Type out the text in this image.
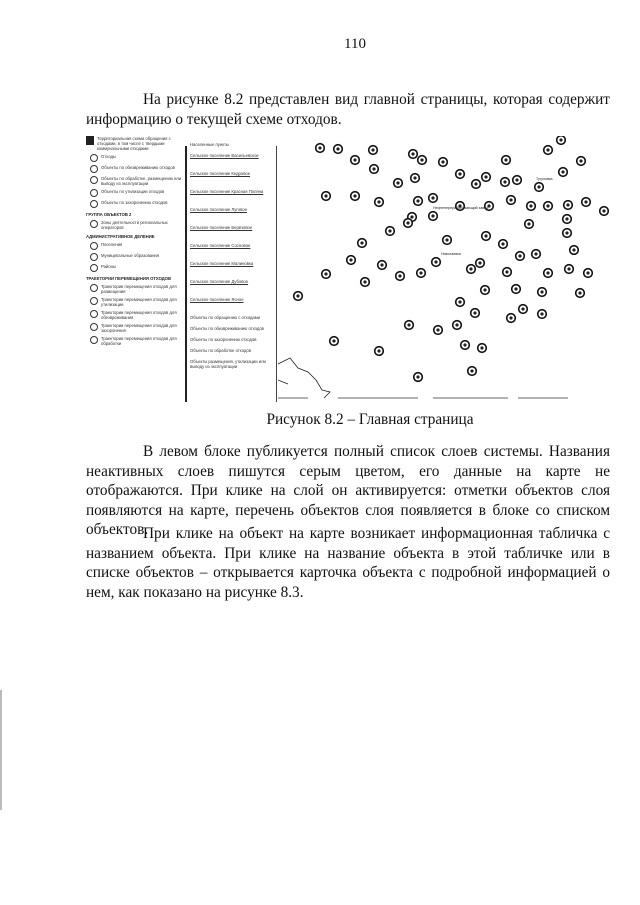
110
На рисунке 8.2 представлен вид главной страницы, которая содержит информацию о текущей схеме отходов.
Территориальная схема обращения с отходами, в том числе с твердыми коммунальными отходами
Отходы
Объекты по обезвреживанию отходов
Объекты по обработке, размещению или выводу из эксплуатации
Объекты по утилизации отходов
Объекты по захоронению отходов
ГРУППА ОБЪЕКТОВ 2
Зоны деятельности региональных операторов
АДМИНИСТРАТИВНОЕ ДЕЛЕНИЕ
Поселения
Муниципальные образования
Районы
ТРАЕКТОРИИ ПЕРЕМЕЩЕНИЯ ОТХОДОВ
Траектории перемещения отходов для размещения
Траектории перемещения отходов для утилизации
Траектории перемещения отходов для обезвреживания
Траектории перемещения отходов для захоронения
Траектории перемещения отходов для обработки
Населенные пункты
Сельское поселение Васильевское
Сельское поселение Кедровое
Сельское поселение Красная Поляна
Сельское поселение Луговое
Сельское поселение Берёзовое
Сельское поселение Сосновое
Сельское поселение Малиновка
Сельское поселение Дубовое
Сельское поселение Ясное
Объекты по обращению с отходами
Объекты по обезвреживанию отходов
Объекты по захоронению отходов
Объекты по обработке отходов
Объекты размещения, утилизации или выводу из эксплуатации
Нефтеперерабатывающий завод
Николаевка
Тугуловка
Рисунок 8.2 – Главная страница
В левом блоке публикуется полный список слоев системы. Названия неактивных слоев пишутся серым цветом, его данные на карте не отображаются. При клике на слой он активируется: отметки объектов слоя появляются на карте, перечень объектов слоя появляется в блоке со списком объектов.
При клике на объект на карте возникает информационная табличка с названием объекта. При клике на название объекта в этой табличке или в списке объектов – открывается карточка объекта с подробной информацией о нем, как показано на рисунке 8.3.
